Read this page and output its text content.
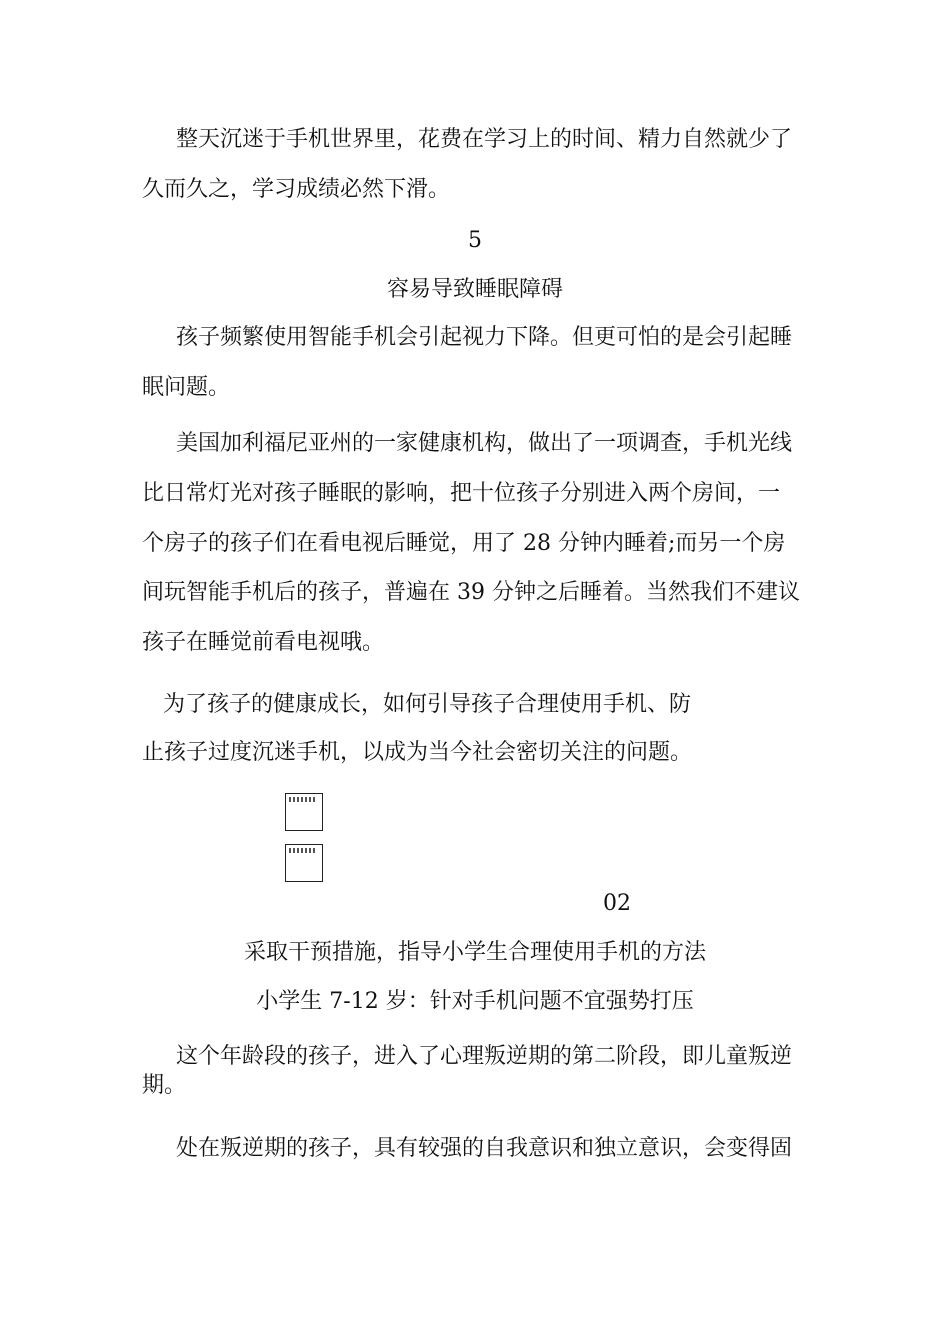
整天沉迷于手机世界里，花费在学习上的时间、精力自然就少了
久而久之，学习成绩必然下滑。
5
容易导致睡眠障碍
孩子频繁使用智能手机会引起视力下降。但更可怕的是会引起睡
眠问题。
美国加利福尼亚州的一家健康机构，做出了一项调查，手机光线
比日常灯光对孩子睡眠的影响，把十位孩子分别进入两个房间，一
个房子的孩子们在看电视后睡觉，用了 28 分钟内睡着;而另一个房
间玩智能手机后的孩子，普遍在 39 分钟之后睡着。当然我们不建议
孩子在睡觉前看电视哦。
为了孩子的健康成长，如何引导孩子合理使用手机、防
止孩子过度沉迷手机，以成为当今社会密切关注的问题。
02
采取干预措施，指导小学生合理使用手机的方法
小学生 7-12 岁：针对手机问题不宜强势打压
这个年龄段的孩子，进入了心理叛逆期的第二阶段，即儿童叛逆
期。
处在叛逆期的孩子，具有较强的自我意识和独立意识，会变得固
